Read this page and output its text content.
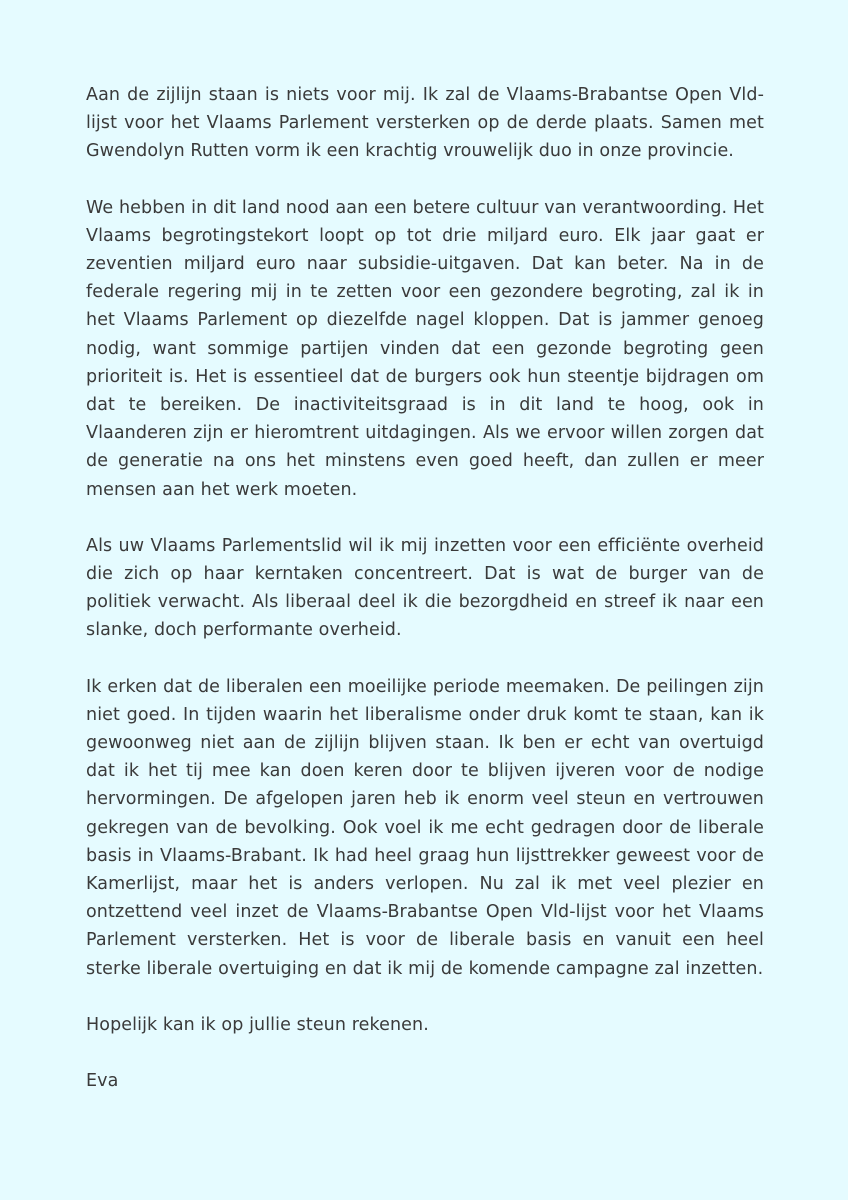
Aan de zijlijn staan is niets voor mij. Ik zal de Vlaams-Brabantse Open Vld-lijst voor het Vlaams Parlement versterken op de derde plaats. Samen met Gwendolyn Rutten vorm ik een krachtig vrouwelijk duo in onze provincie.

We hebben in dit land nood aan een betere cultuur van verantwoording. Het Vlaams begrotingstekort loopt op tot drie miljard euro. Elk jaar gaat er zeventien miljard euro naar subsidie-uitgaven. Dat kan beter. Na in de federale regering mij in te zetten voor een gezondere begroting, zal ik in het Vlaams Parlement op diezelfde nagel kloppen. Dat is jammer genoeg nodig, want sommige partijen vinden dat een gezonde begroting geen prioriteit is. Het is essentieel dat de burgers ook hun steentje bijdragen om dat te bereiken. De inactiviteitsgraad is in dit land te hoog, ook in Vlaanderen zijn er hieromtrent uitdagingen. Als we ervoor willen zorgen dat de generatie na ons het minstens even goed heeft, dan zullen er meer mensen aan het werk moeten.

Als uw Vlaams Parlementslid wil ik mij inzetten voor een efficiënte overheid die zich op haar kerntaken concentreert. Dat is wat de burger van de politiek verwacht. Als liberaal deel ik die bezorgdheid en streef ik naar een slanke, doch performante overheid.

Ik erken dat de liberalen een moeilijke periode meemaken. De peilingen zijn niet goed. In tijden waarin het liberalisme onder druk komt te staan, kan ik gewoonweg niet aan de zijlijn blijven staan. Ik ben er echt van overtuigd dat ik het tij mee kan doen keren door te blijven ijveren voor de nodige hervormingen. De afgelopen jaren heb ik enorm veel steun en vertrouwen gekregen van de bevolking. Ook voel ik me echt gedragen door de liberale basis in Vlaams-Brabant. Ik had heel graag hun lijsttrekker geweest voor de Kamerlijst, maar het is anders verlopen. Nu zal ik met veel plezier en ontzettend veel inzet de Vlaams-Brabantse Open Vld-lijst voor het Vlaams Parlement versterken. Het is voor de liberale basis en vanuit een heel sterke liberale overtuiging en dat ik mij de komende campagne zal inzetten.

Hopelijk kan ik op jullie steun rekenen.

Eva
